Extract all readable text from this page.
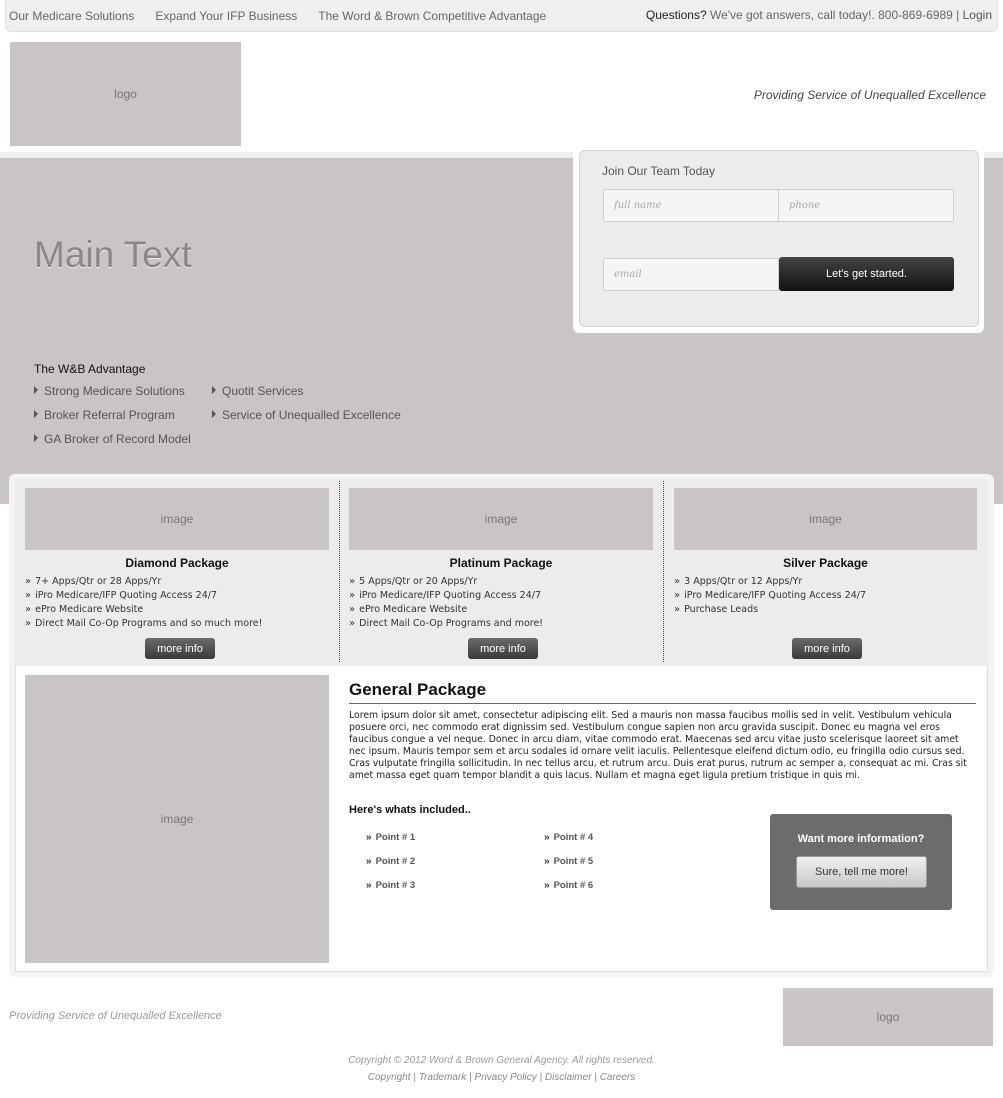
Our Medicare Solutions Expand Your IFP Business The Word & Brown Competitive Advantage	Questions? We've got answers, call today!. 800-869-6989 | Login
logo	Providing Service of Unequalled Excellence
Main Text
Join Our Team Today
full name	phone
email	Let's get started.
The W&B Advantage
Strong Medicare Solutions
Broker Referral Program
GA Broker of Record Model
Quotit Services
Service of Unequalled Excellence
image
Diamond Package
» 7+ Apps/Qtr or 28 Apps/Yr
» iPro Medicare/IFP Quoting Access 24/7
» ePro Medicare Website
» Direct Mail Co-Op Programs and so much more!
more info
image
Platinum Package
» 5 Apps/Qtr or 20 Apps/Yr
» iPro Medicare/IFP Quoting Access 24/7
» ePro Medicare Website
» Direct Mail Co-Op Programs and more!
more info
image
Silver Package
» 3 Apps/Qtr or 12 Apps/Yr
» iPro Medicare/IFP Quoting Access 24/7
» Purchase Leads
more info
image
General Package
Lorem ipsum dolor sit amet, consectetur adipiscing elit. Sed a mauris non massa faucibus mollis sed in velit. Vestibulum vehicula posuere orci, nec commodo erat dignissim sed. Vestibulum congue sapien non arcu gravida suscipit. Donec eu magna vel eros faucibus congue a vel neque. Donec in arcu diam, vitae commodo erat. Maecenas sed arcu vitae justo scelerisque laoreet sit amet nec ipsum. Mauris tempor sem et arcu sodales id ornare velit iaculis. Pellentesque eleifend dictum odio, eu fringilla odio cursus sed. Cras vulputate fringilla sollicitudin. In nec tellus arcu, et rutrum arcu. Duis erat purus, rutrum ac semper a, consequat ac mi. Cras sit amet massa eget quam tempor blandit a quis lacus. Nullam et magna eget ligula pretium tristique in quis mi.
Here's whats included..
» Point # 1
» Point # 2
» Point # 3
» Point # 4
» Point # 5
» Point # 6
Want more information?
Sure, tell me more!
Providing Service of Unequalled Excellence	logo
Copyright © 2012 Word & Brown General Agency. All rights reserved.
Copyright | Trademark | Privacy Policy | Disclaimer | Careers
